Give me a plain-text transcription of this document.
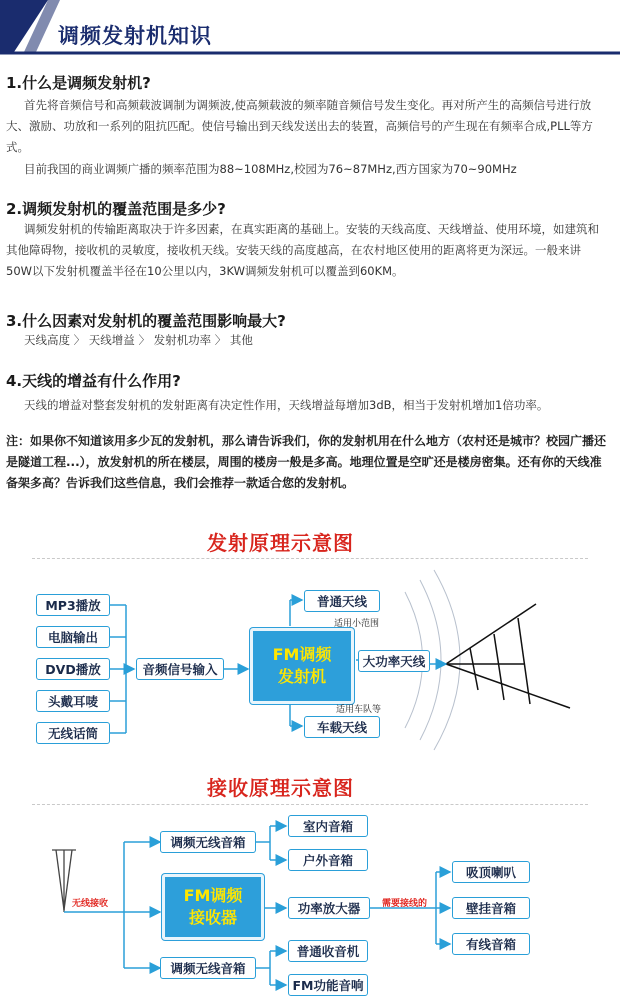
调频发射机知识
1.什么是调频发射机?
首先将音频信号和高频载波调制为调频波,使高频载波的频率随音频信号发生变化。再对所产生的高频信号进行放大、激励、功放和一系列的阻抗匹配。使信号输出到天线发送出去的装置，高频信号的产生现在有频率合成,PLL等方式。
目前我国的商业调频广播的频率范围为88~108MHz,校园为76~87MHz,西方国家为70~90MHz
2.调频发射机的覆盖范围是多少?
调频发射机的传输距离取决于许多因素，在真实距离的基础上。安装的天线高度、天线增益、使用环境，如建筑和其他障碍物，接收机的灵敏度，接收机天线。安装天线的高度越高，在农村地区使用的距离将更为深远。一般来讲50W以下发射机覆盖半径在10公里以内，3KW调频发射机可以覆盖到60KM。
3.什么因素对发射机的覆盖范围影响最大?
天线高度 〉 天线增益 〉 发射机功率 〉 其他
4.天线的增益有什么作用?
天线的增益对整套发射机的发射距离有决定性作用，天线增益每增加3dB，相当于发射机增加1倍功率。
注：如果你不知道该用多少瓦的发射机，那么请告诉我们，你的发射机用在什么地方（农村还是城市？校园广播还是隧道工程...），放发射机的所在楼层，周围的楼房一般是多高。地理位置是空旷还是楼房密集。还有你的天线准备架多高？告诉我们这些信息，我们会推荐一款适合您的发射机。
发射原理示意图
MP3播放
电脑输出
DVD播放
头戴耳唛
无线话筒
音频信号输入
FM调频
发射机
普通天线
适用小范围
大功率天线
适用车队等
车载天线
接收原理示意图
无线接收
调频无线音箱
FM调频
接收器
调频无线音箱
室内音箱
户外音箱
功率放大器	需要接线的
普通收音机
FM功能音响
吸顶喇叭
壁挂音箱
有线音箱
